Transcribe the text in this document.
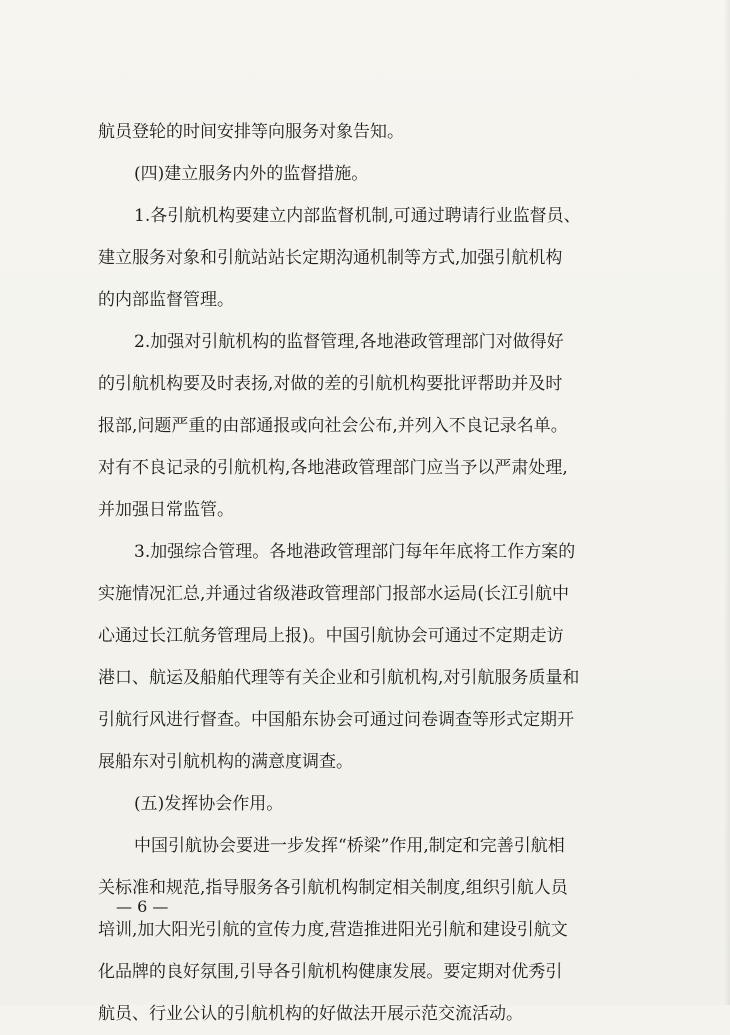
航员登轮的时间安排等向服务对象告知。
(四)建立服务内外的监督措施。
1.各引航机构要建立内部监督机制,可通过聘请行业监督员、
建立服务对象和引航站站长定期沟通机制等方式,加强引航机构
的内部监督管理。
2.加强对引航机构的监督管理,各地港政管理部门对做得好
的引航机构要及时表扬,对做的差的引航机构要批评帮助并及时
报部,问题严重的由部通报或向社会公布,并列入不良记录名单。
对有不良记录的引航机构,各地港政管理部门应当予以严肃处理,
并加强日常监管。
3.加强综合管理。各地港政管理部门每年年底将工作方案的
实施情况汇总,并通过省级港政管理部门报部水运局(长江引航中
心通过长江航务管理局上报)。中国引航协会可通过不定期走访
港口、航运及船舶代理等有关企业和引航机构,对引航服务质量和
引航行风进行督查。中国船东协会可通过问卷调查等形式定期开
展船东对引航机构的满意度调查。
(五)发挥协会作用。
中国引航协会要进一步发挥“桥梁”作用,制定和完善引航相
关标准和规范,指导服务各引航机构制定相关制度,组织引航人员
培训,加大阳光引航的宣传力度,营造推进阳光引航和建设引航文
化品牌的良好氛围,引导各引航机构健康发展。要定期对优秀引
航员、行业公认的引航机构的好做法开展示范交流活动。
— 6 —
